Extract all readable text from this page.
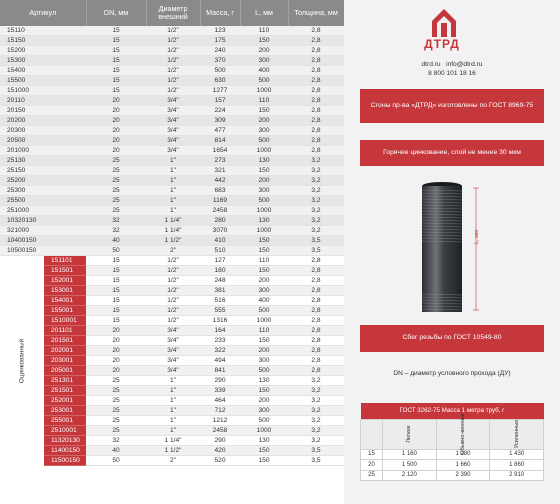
Артикул		DN, мм	Диаметр внешний	Масса, г	L, мм	Толщина, мм
15110		15	1/2"	123	110	2,8
15150		15	1/2"	175	150	2,8
15200		15	1/2"	240	200	2,8
15300		15	1/2"	370	300	2,8
15400		15	1/2"	500	400	2,8
15500		15	1/2"	630	500	2,8
151000		15	1/2"	1277	1000	2,8
20110		20	3/4"	157	110	2,8
20150		20	3/4"	224	150	2,8
20200		20	3/4"	309	200	2,8
20300		20	3/4"	477	300	2,8
20500		20	3/4"	814	500	2,8
201000		20	3/4"	1654	1000	2,8
25130		25	1"	273	130	3,2
25150		25	1"	321	150	3,2
25200		25	1"	442	200	3,2
25300		25	1"	683	300	3,2
25500		25	1"	1169	500	3,2
251000		25	1"	2458	1000	3,2
10320130		32	1 1/4"	280	130	3,2
321000		32	1 1/4"	3070	1000	3,2
10400150		40	1 1/2"	410	150	3,5
10500150		50	2"	510	150	3,5

Оцинкованный	151101	15	1/2"	127	110	2,8
	151501	15	1/2"	180	150	2,8
	152001	15	1/2"	248	200	2,8
	153001	15	1/2"	381	300	2,8
	154001	15	1/2"	516	400	2,8
	155001	15	1/2"	555	500	2,8
	1510001	15	1/2"	1316	1000	2,8
	201101	20	3/4"	164	110	2,8
	201501	20	3/4"	233	150	2,8
	202001	20	3/4"	322	200	2,8
	203001	20	3/4"	494	300	2,8
	205001	20	3/4"	841	500	2,8
	251301	25	1"	290	130	3,2
	251501	25	1"	339	150	3,2
	252001	25	1"	464	200	3,2
	253001	25	1"	712	300	3,2
	255001	25	1"	1212	500	3,2
	2510001	25	1"	2458	1000	3,2
	11320130	32	1 1/4"	290	130	3,2
	11400150	40	1 1/2"	420	150	3,5
	11500150	50	2"	520	150	3,5
ДТРД
dtrd.ru info@dtrd.ru
8 800 101 18 16
Сгоны пр-ва «ДТРД» изготовлены по ГОСТ 8969-75
Горячее цинкование, слой не менее 30 мкм
L, мм
Сбег резьбы по ГОСТ 10549-80
DN – диаметр условного прохода (ДУ)
ГОСТ 3262-75 Масса 1 метра труб, г			

	Легкие	Обыкно-венные	Усиленные

15	1 160	1 280	1 430
20	1 500	1 660	1 860
25	2 120	2 390	2 910
